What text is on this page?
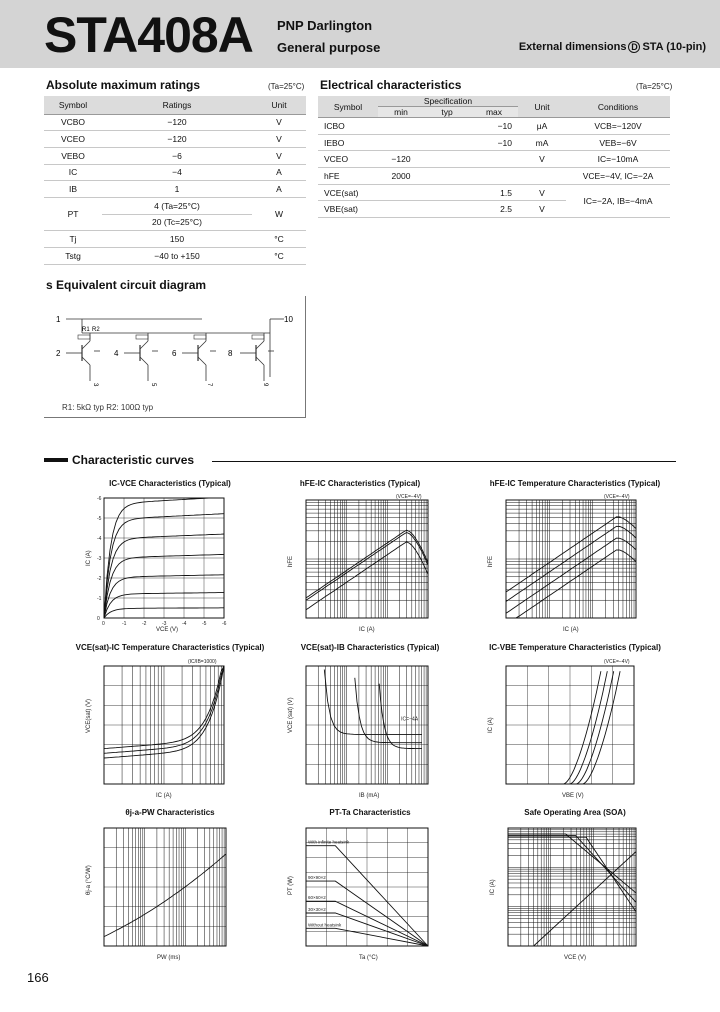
STA408A PNP Darlington
General purpose	External dimensions D STA (10-pin)
Absolute maximum ratings	(Ta=25°C)
Symbol	Ratings	Unit
VCBO	−120	V
VCEO	−120	V
VEBO	−6	V
IC	−4	A
IB	1	A
PT	4 (Ta=25°C)	W
	20 (Tc=25°C)	
Tj	150	°C
Tstg	−40 to +150	°C
Electrical characteristics	(Ta=25°C)
Symbol	Specification			Unit	Conditions
	min	typ	max		
ICBO			−10	μA	VCB=−120V
IEBO			−10	mA	VEB=−6V
VCEO	−120			V	IC=−10mA
hFE	2000				VCE=−4V, IC=−2A
VCE(sat)			1.5	V	IC=−2A, IB=−4mA
VBE(sat)			2.5	V	
s Equivalent circuit diagram
1	10
R1 R2
2	4	6	8
3	5	7	9
R1: 5kΩ typ R2: 100Ω typ
Characteristic curves
IC-VCE Characteristics (Typical)	hFE-IC Characteristics (Typical)	hFE-IC Temperature Characteristics (Typical)
VCE(sat)-IC Temperature Characteristics (Typical)	VCE(sat)-IB Characteristics (Typical)	IC-VBE Temperature Characteristics (Typical)
θj-a-PW Characteristics	PT-Ta Characteristics	Safe Operating Area (SOA)
VCE (V)
IC (A)
0	-1	-2	-3	-4	-5	-6
0
-1
-2
-3
-4
-5
-6
IC (A)
hFE
(VCE=−4V)
IC (A)
hFE
(VCE=−4V)
IC (A)
VCE(sat) (V)
(IC/IB=1000)
IB (mA)
VCE (sat) (V)	IC=−4A
VBE (V)
IC (A)
(VCE=−4V)
PW (ms)
θj-a (°C/W)
Ta (°C)
PT (W)
With infinite heatsink
90×90×2
60×60×2
30×30×2
Without heatsink
VCE (V)
IC (A)
166
